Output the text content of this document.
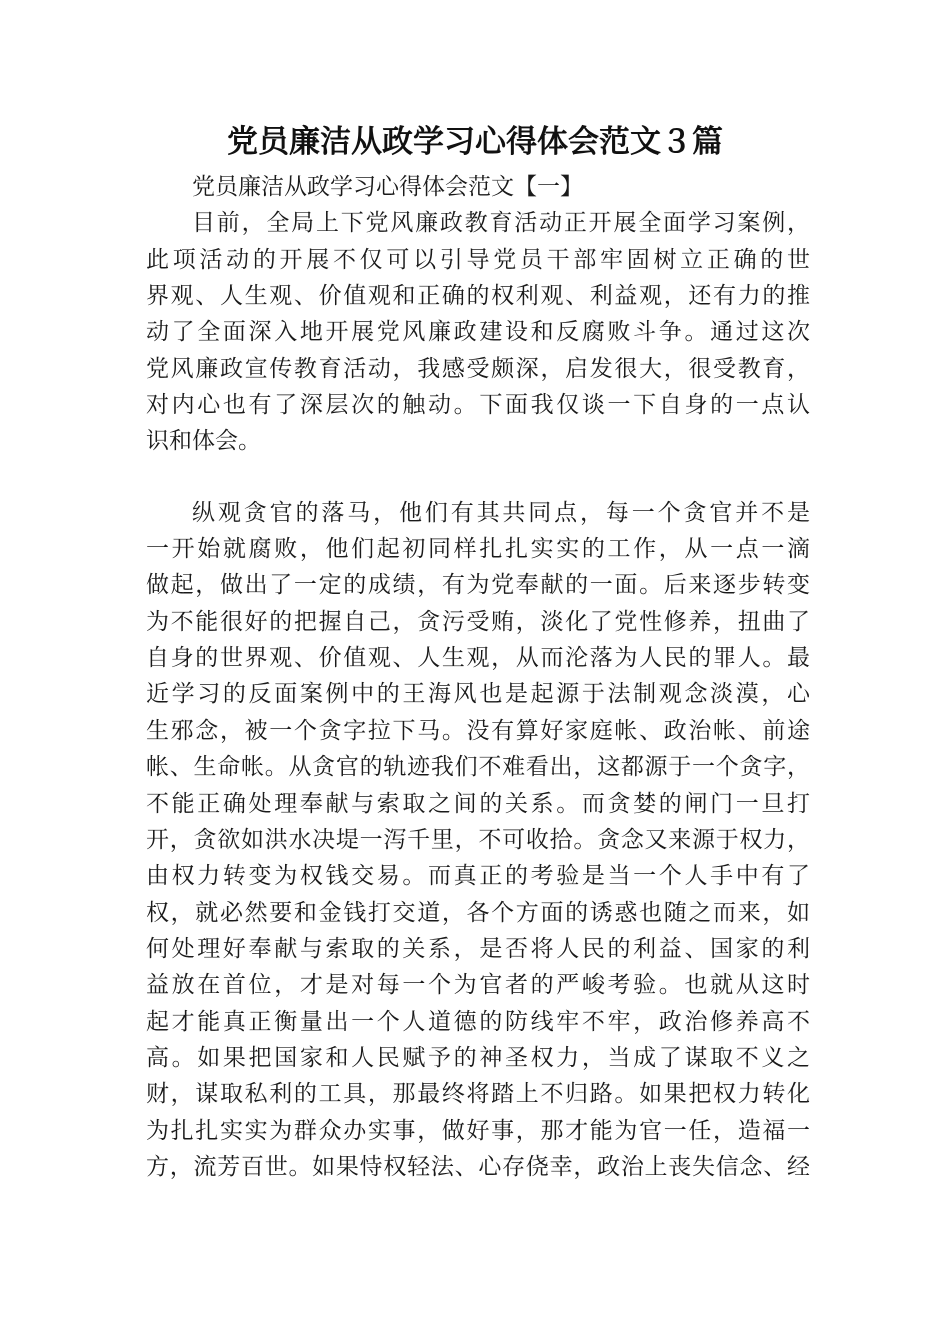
党员廉洁从政学习心得体会范文３篇
党员廉洁从政学习心得体会范文【一】
目前，全局上下党风廉政教育活动正开展全面学习案例，
此项活动的开展不仅可以引导党员干部牢固树立正确的世
界观、人生观、价值观和正确的权利观、利益观，还有力的推
动了全面深入地开展党风廉政建设和反腐败斗争。通过这次
党风廉政宣传教育活动，我感受颇深，启发很大，很受教育，
对内心也有了深层次的触动。下面我仅谈一下自身的一点认
识和体会。
纵观贪官的落马，他们有其共同点，每一个贪官并不是
一开始就腐败，他们起初同样扎扎实实的工作，从一点一滴
做起，做出了一定的成绩，有为党奉献的一面。后来逐步转变
为不能很好的把握自己，贪污受贿，淡化了党性修养，扭曲了
自身的世界观、价值观、人生观，从而沦落为人民的罪人。最
近学习的反面案例中的王海风也是起源于法制观念淡漠，心
生邪念，被一个贪字拉下马。没有算好家庭帐、政治帐、前途
帐、生命帐。从贪官的轨迹我们不难看出，这都源于一个贪字，
不能正确处理奉献与索取之间的关系。而贪婪的闸门一旦打
开，贪欲如洪水决堤一泻千里，不可收拾。贪念又来源于权力，
由权力转变为权钱交易。而真正的考验是当一个人手中有了
权，就必然要和金钱打交道，各个方面的诱惑也随之而来，如
何处理好奉献与索取的关系，是否将人民的利益、国家的利
益放在首位，才是对每一个为官者的严峻考验。也就从这时
起才能真正衡量出一个人道德的防线牢不牢，政治修养高不
高。如果把国家和人民赋予的神圣权力，当成了谋取不义之
财，谋取私利的工具，那最终将踏上不归路。如果把权力转化
为扎扎实实为群众办实事，做好事，那才能为官一任，造福一
方，流芳百世。如果恃权轻法、心存侥幸，政治上丧失信念、经
